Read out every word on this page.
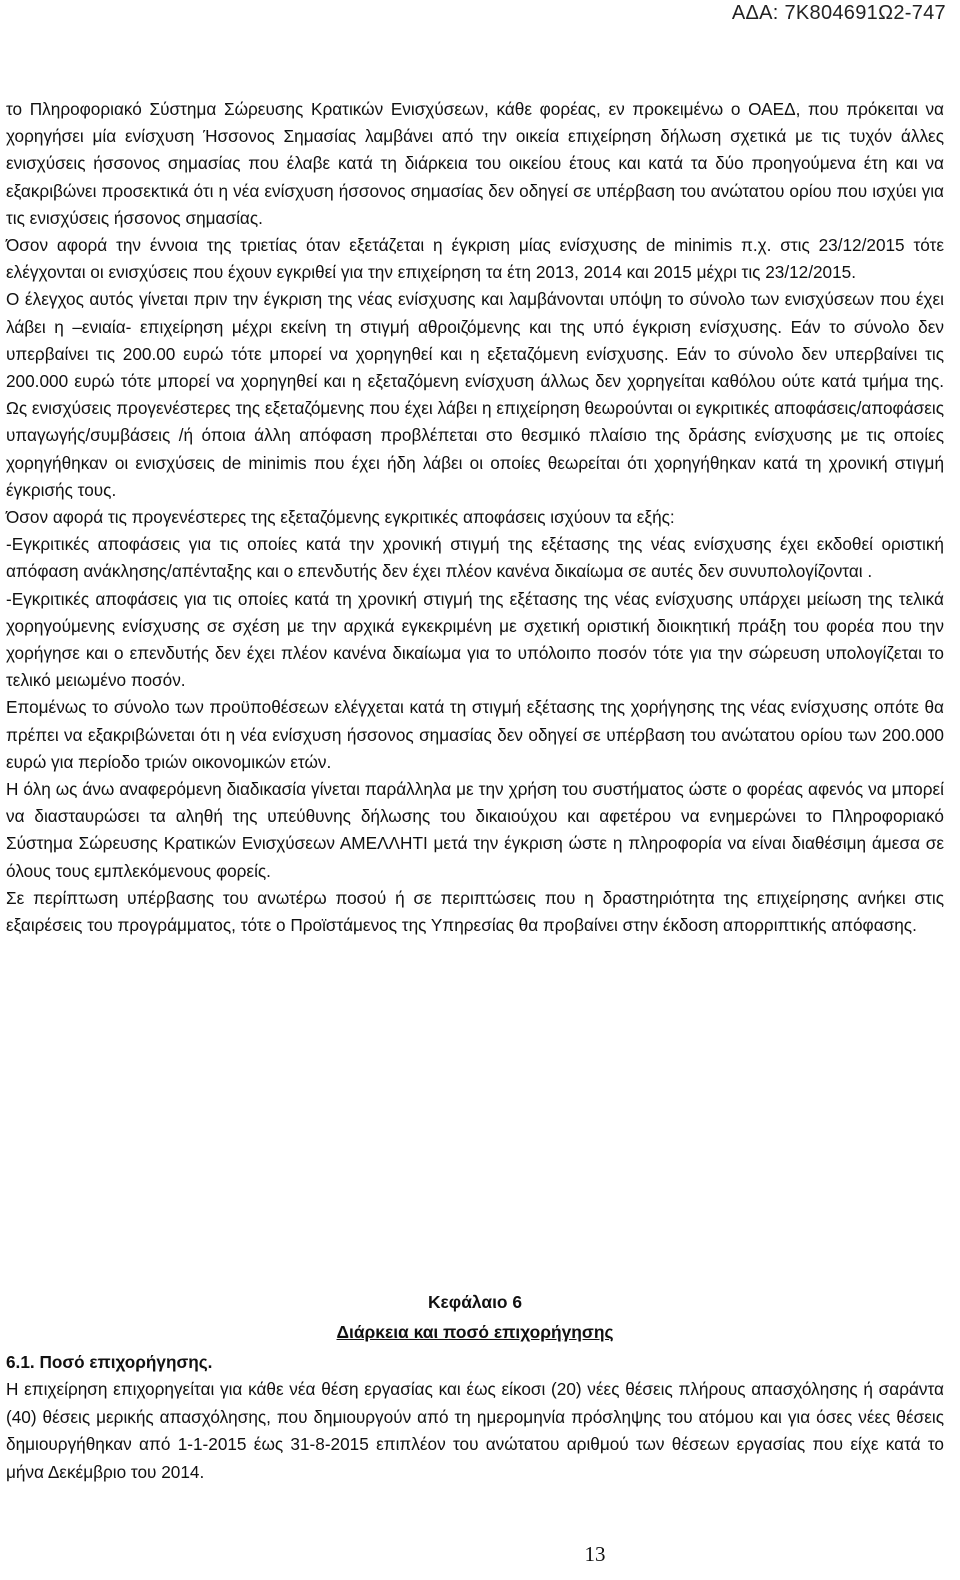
ΑΔΑ: 7Κ804691Ω2-747

το Πληροφοριακό Σύστημα Σώρευσης Κρατικών Ενισχύσεων, κάθε φορέας, εν προκειμένω ο ΟΑΕΔ, που πρόκειται να χορηγήσει μία ενίσχυση Ήσσονος Σημασίας λαμβάνει από την οικεία επιχείρηση δήλωση σχετικά με τις τυχόν άλλες ενισχύσεις ήσσονος σημασίας που έλαβε κατά τη διάρκεια του οικείου έτους και κατά τα δύο προηγούμενα έτη και να εξακριβώνει προσεκτικά ότι η νέα ενίσχυση ήσσονος σημασίας δεν οδηγεί σε υπέρβαση του ανώτατου ορίου που ισχύει για τις ενισχύσεις ήσσονος σημασίας.

Όσον αφορά την έννοια της τριετίας όταν εξετάζεται η έγκριση μίας ενίσχυσης de minimis π.χ. στις 23/12/2015 τότε ελέγχονται οι ενισχύσεις που έχουν εγκριθεί για την επιχείρηση τα έτη 2013, 2014 και 2015 μέχρι τις 23/12/2015.

Ο έλεγχος αυτός γίνεται πριν την έγκριση της νέας ενίσχυσης και λαμβάνονται υπόψη το σύνολο των ενισχύσεων που έχει λάβει η –ενιαία- επιχείρηση μέχρι εκείνη τη στιγμή αθροιζόμενης και της υπό έγκριση ενίσχυσης. Εάν το σύνολο δεν υπερβαίνει τις 200.00 ευρώ τότε μπορεί να χορηγηθεί και η εξεταζόμενη ενίσχυσης. Εάν το σύνολο δεν υπερβαίνει τις 200.000 ευρώ τότε μπορεί να χορηγηθεί και η εξεταζόμενη ενίσχυση άλλως δεν χορηγείται καθόλου ούτε κατά τμήμα της. Ως ενισχύσεις προγενέστερες της εξεταζόμενης που έχει λάβει η επιχείρηση θεωρούνται οι εγκριτικές αποφάσεις/αποφάσεις υπαγωγής/συμβάσεις /ή όποια άλλη απόφαση προβλέπεται στο θεσμικό πλαίσιο της δράσης ενίσχυσης με τις οποίες χορηγήθηκαν οι ενισχύσεις de minimis που έχει ήδη λάβει οι οποίες θεωρείται ότι χορηγήθηκαν κατά τη χρονική στιγμή έγκρισής τους.

Όσον αφορά τις προγενέστερες της εξεταζόμενης εγκριτικές αποφάσεις ισχύουν τα εξής:

-Εγκριτικές αποφάσεις για τις οποίες κατά την χρονική στιγμή της εξέτασης της νέας ενίσχυσης έχει εκδοθεί οριστική απόφαση ανάκλησης/απένταξης και ο επενδυτής δεν έχει πλέον κανένα δικαίωμα σε αυτές δεν συνυπολογίζονται .

-Εγκριτικές αποφάσεις για τις οποίες κατά τη χρονική στιγμή της εξέτασης της νέας ενίσχυσης υπάρχει μείωση της τελικά χορηγούμενης ενίσχυσης σε σχέση με την αρχικά εγκεκριμένη με σχετική οριστική διοικητική πράξη του φορέα που την χορήγησε και ο επενδυτής δεν έχει πλέον κανένα δικαίωμα για το υπόλοιπο ποσόν τότε για την σώρευση υπολογίζεται το τελικό μειωμένο ποσόν.

Επομένως το σύνολο των προϋποθέσεων ελέγχεται κατά τη στιγμή εξέτασης της χορήγησης της νέας ενίσχυσης οπότε θα πρέπει να εξακριβώνεται ότι η νέα ενίσχυση ήσσονος σημασίας δεν οδηγεί σε υπέρβαση του ανώτατου ορίου των 200.000 ευρώ για περίοδο τριών οικονομικών ετών.

Η όλη ως άνω αναφερόμενη διαδικασία γίνεται παράλληλα με την χρήση του συστήματος ώστε ο φορέας αφενός να μπορεί να διασταυρώσει τα αληθή της υπεύθυνης δήλωσης του δικαιούχου και αφετέρου να ενημερώνει το Πληροφοριακό Σύστημα Σώρευσης Κρατικών Ενισχύσεων ΑΜΕΛΛΗΤΙ μετά την έγκριση ώστε η πληροφορία να είναι διαθέσιμη άμεσα σε όλους τους εμπλεκόμενους φορείς.

Σε περίπτωση υπέρβασης του ανωτέρω ποσού ή σε περιπτώσεις που η δραστηριότητα της επιχείρησης ανήκει στις εξαιρέσεις του προγράμματος, τότε ο Προϊστάμενος της Υπηρεσίας θα προβαίνει στην έκδοση απορριπτικής απόφασης.

Κεφάλαιο 6
Διάρκεια και ποσό επιχορήγησης

6.1. Ποσό επιχορήγησης.

Η επιχείρηση επιχορηγείται για κάθε νέα θέση εργασίας και έως είκοσι (20) νέες θέσεις πλήρους απασχόλησης ή σαράντα (40) θέσεις μερικής απασχόλησης, που δημιουργούν από τη ημερομηνία πρόσληψης του ατόμου και για όσες νέες θέσεις δημιουργήθηκαν από 1-1-2015 έως 31-8-2015 επιπλέον του ανώτατου αριθμού των θέσεων εργασίας που είχε κατά το μήνα Δεκέμβριο του 2014.

13
